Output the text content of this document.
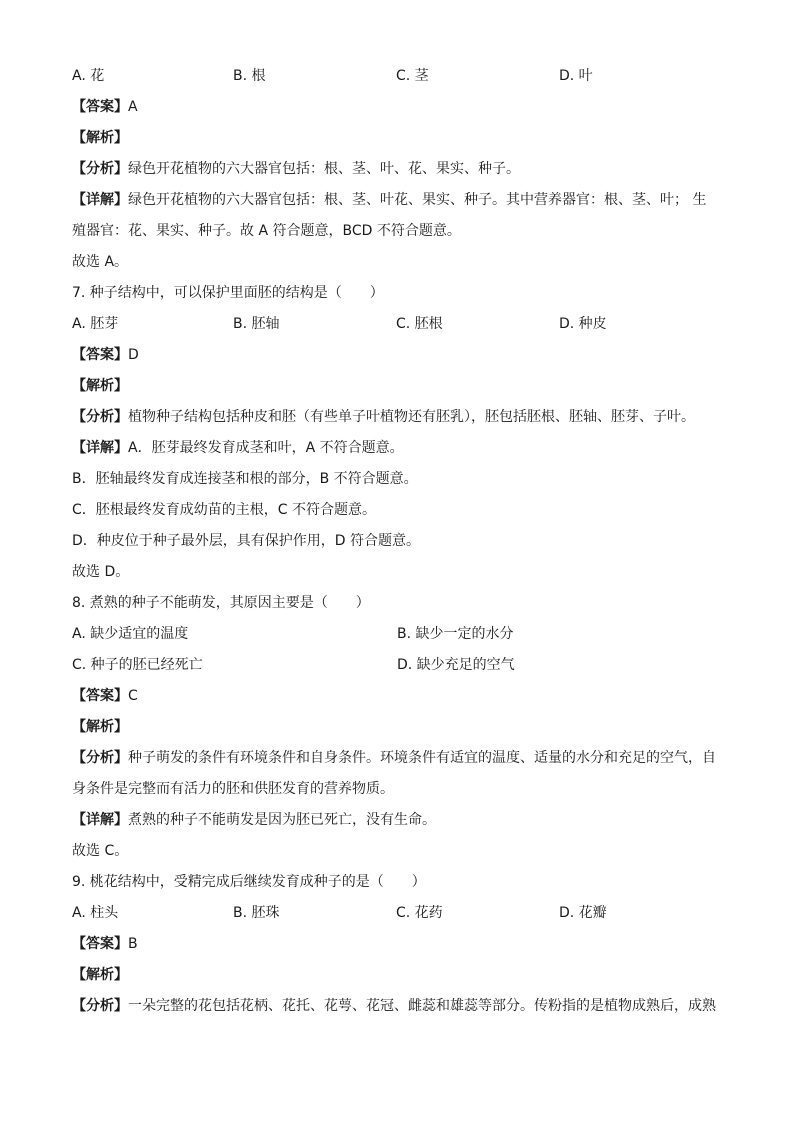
A. 花	B. 根	C. 茎	D. 叶
【答案】A
【解析】
【分析】绿色开花植物的六大器官包括：根、茎、叶、花、果实、种子。
【详解】绿色开花植物的六大器官包括：根、茎、叶花、果实、种子。其中营养器官：根、茎、叶； 生
殖器官：花、果实、种子。故 A 符合题意，BCD 不符合题意。
故选 A。
7. 种子结构中，可以保护里面胚的结构是（　　）
A. 胚芽	B. 胚轴	C. 胚根	D. 种皮
【答案】D
【解析】
【分析】植物种子结构包括种皮和胚（有些单子叶植物还有胚乳），胚包括胚根、胚轴、胚芽、子叶。
【详解】A．胚芽最终发育成茎和叶，A 不符合题意。
B．胚轴最终发育成连接茎和根的部分，B 不符合题意。
C．胚根最终发育成幼苗的主根，C 不符合题意。
D．种皮位于种子最外层，具有保护作用，D 符合题意。
故选 D。
8. 煮熟的种子不能萌发，其原因主要是（　　）
A. 缺少适宜的温度	B. 缺少一定的水分
C. 种子的胚已经死亡	D. 缺少充足的空气
【答案】C
【解析】
【分析】种子萌发的条件有环境条件和自身条件。环境条件有适宜的温度、适量的水分和充足的空气，自
身条件是完整而有活力的胚和供胚发育的营养物质。
【详解】煮熟的种子不能萌发是因为胚已死亡，没有生命。
故选 C。
9. 桃花结构中，受精完成后继续发育成种子的是（　　）
A. 柱头	B. 胚珠	C. 花药	D. 花瓣
【答案】B
【解析】
【分析】一朵完整的花包括花柄、花托、花萼、花冠、雌蕊和雄蕊等部分。传粉指的是植物成熟后，成熟
